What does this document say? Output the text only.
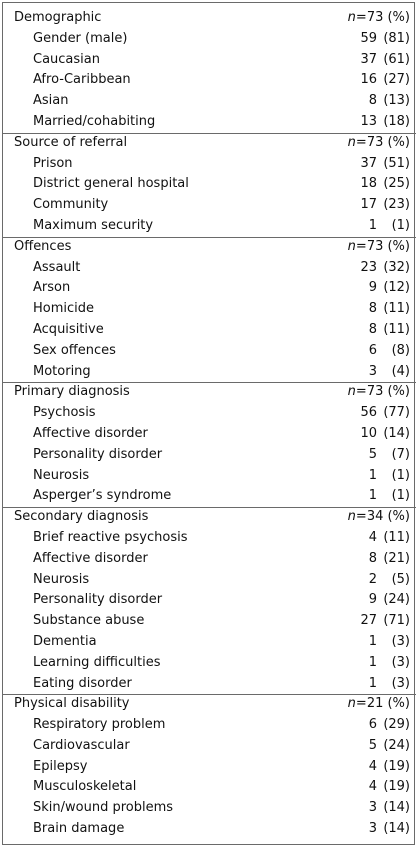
Demographic	n=73 (%)
Gender (male)	59 (81)
Caucasian	37 (61)
Afro-Caribbean	16 (27)
Asian	8 (13)
Married/cohabiting	13 (18)
Source of referral	n=73 (%)
Prison	37 (51)
District general hospital	18 (25)
Community	17 (23)
Maximum security	1 (1)
Offences	n=73 (%)
Assault	23 (32)
Arson	9 (12)
Homicide	8 (11)
Acquisitive	8 (11)
Sex offences	6 (8)
Motoring	3 (4)
Primary diagnosis	n=73 (%)
Psychosis	56 (77)
Affective disorder	10 (14)
Personality disorder	5 (7)
Neurosis	1 (1)
Asperger’s syndrome	1 (1)
Secondary diagnosis	n=34 (%)
Brief reactive psychosis	4 (11)
Affective disorder	8 (21)
Neurosis	2 (5)
Personality disorder	9 (24)
Substance abuse	27 (71)
Dementia	1 (3)
Learning difficulties	1 (3)
Eating disorder	1 (3)
Physical disability	n=21 (%)
Respiratory problem	6 (29)
Cardiovascular	5 (24)
Epilepsy	4 (19)
Musculoskeletal	4 (19)
Skin/wound problems	3 (14)
Brain damage	3 (14)
